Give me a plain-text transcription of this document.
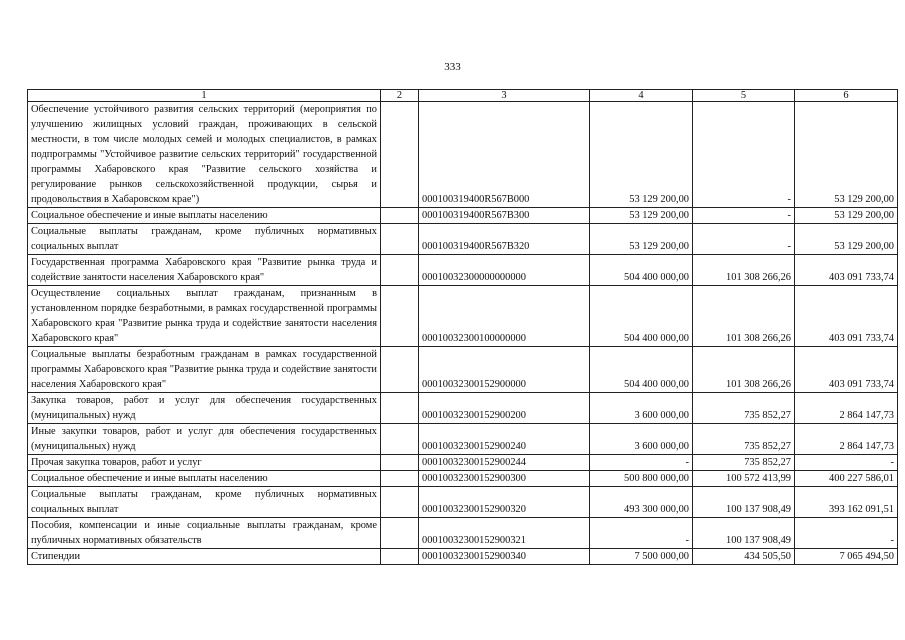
333
1	2	3	4	5	6
Обеспечение устойчивого развития сельских территорий (мероприятия по улучшению жилищных условий граждан, проживающих в сельской местности, в том числе молодых семей и молодых специалистов, в рамках подпрограммы "Устойчивое развитие сельских территорий" государственной программы Хабаровского края "Развитие сельского хозяйства и регулирование рынков сельскохозяйственной продукции, сырья и продовольствия в Хабаровском крае")		000100319400R567B000	53 129 200,00	-	53 129 200,00
Социальное обеспечение и иные выплаты населению		000100319400R567B300	53 129 200,00	-	53 129 200,00
Социальные выплаты гражданам, кроме публичных нормативных социальных выплат		000100319400R567B320	53 129 200,00	-	53 129 200,00
Государственная программа Хабаровского края "Развитие рынка труда и содействие занятости населения Хабаровского края"		00010032300000000000	504 400 000,00	101 308 266,26	403 091 733,74
Осуществление социальных выплат гражданам, признанным в установленном порядке безработными, в рамках государственной программы Хабаровского края "Развитие рынка труда и содействие занятости населения Хабаровского края"		00010032300100000000	504 400 000,00	101 308 266,26	403 091 733,74
Социальные выплаты безработным гражданам в рамках государственной программы Хабаровского края "Развитие рынка труда и содействие занятости населения Хабаровского края"		00010032300152900000	504 400 000,00	101 308 266,26	403 091 733,74
Закупка товаров, работ и услуг для обеспечения государственных (муниципальных) нужд		00010032300152900200	3 600 000,00	735 852,27	2 864 147,73
Иные закупки товаров, работ и услуг для обеспечения государственных (муниципальных) нужд		00010032300152900240	3 600 000,00	735 852,27	2 864 147,73
Прочая закупка товаров, работ и услуг		00010032300152900244	-	735 852,27	-
Социальное обеспечение и иные выплаты населению		00010032300152900300	500 800 000,00	100 572 413,99	400 227 586,01
Социальные выплаты гражданам, кроме публичных нормативных социальных выплат		00010032300152900320	493 300 000,00	100 137 908,49	393 162 091,51
Пособия, компенсации и иные социальные выплаты гражданам, кроме публичных нормативных обязательств		00010032300152900321	-	100 137 908,49	-
Стипендии		00010032300152900340	7 500 000,00	434 505,50	7 065 494,50
